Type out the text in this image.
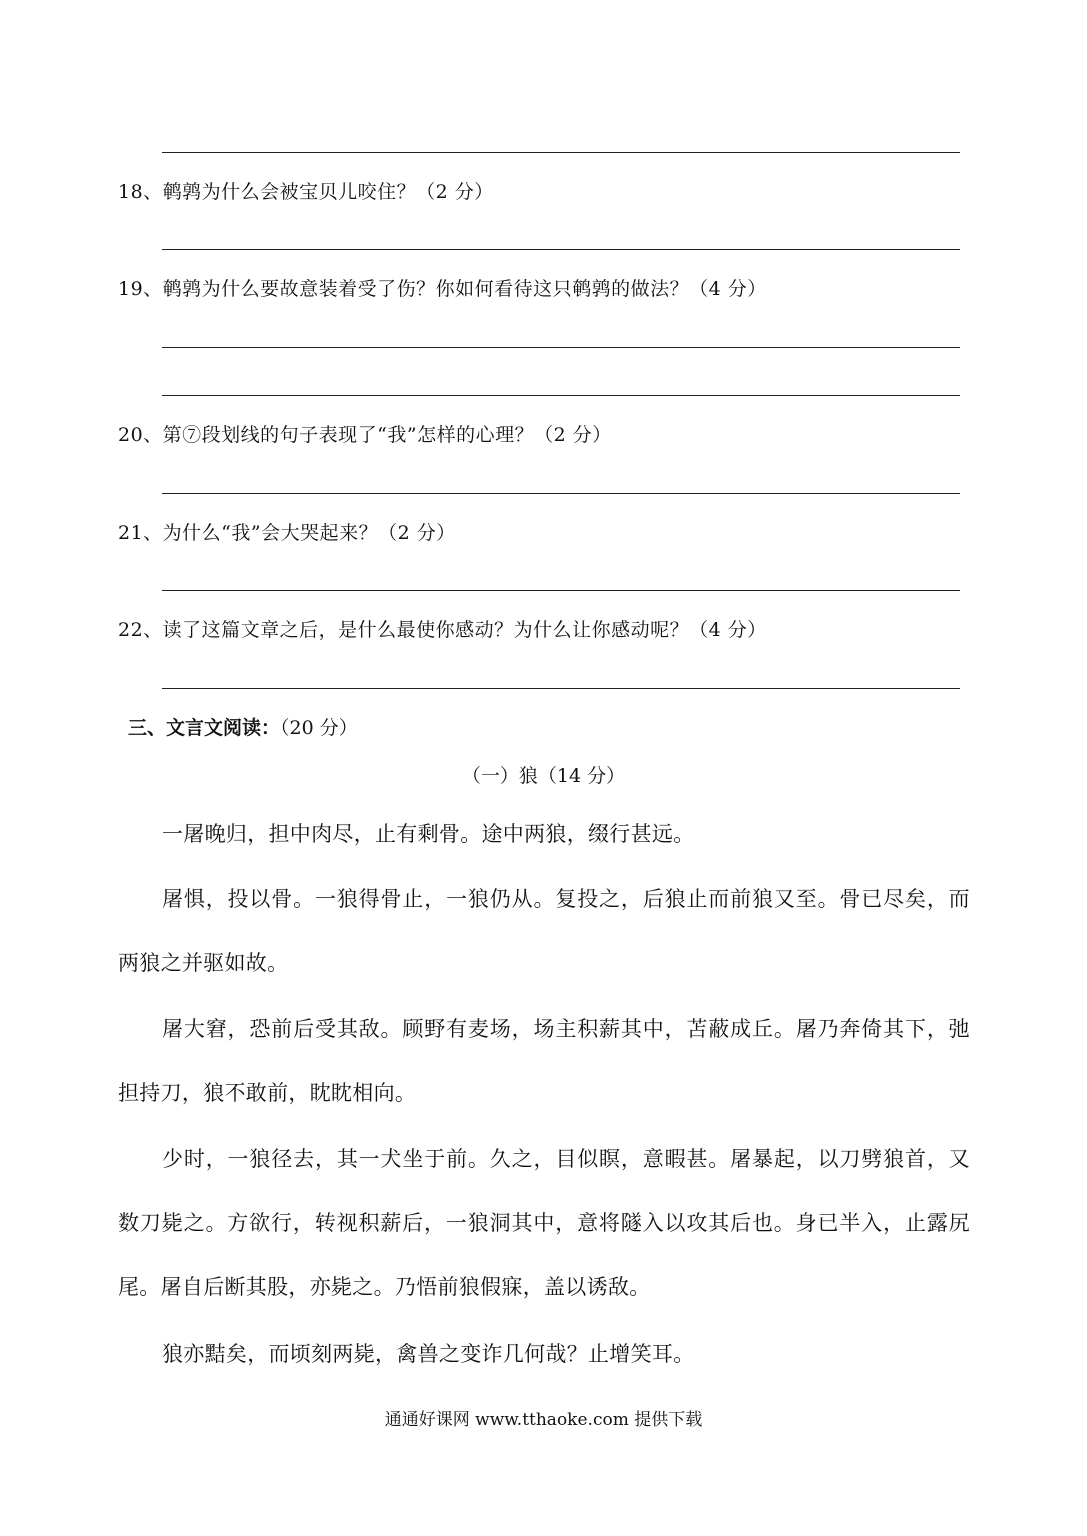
18、鹌鹑为什么会被宝贝儿咬住？（2 分）
19、鹌鹑为什么要故意装着受了伤？你如何看待这只鹌鹑的做法？（4 分）
20、第⑦段划线的句子表现了“我”怎样的心理？（2 分）
21、为什么“我”会大哭起来？（2 分）
22、读了这篇文章之后，是什么最使你感动？为什么让你感动呢？（4 分）
三、文言文阅读：（20 分）
（一）狼（14 分）
一屠晚归，担中肉尽，止有剩骨。途中两狼，缀行甚远。
屠惧，投以骨。一狼得骨止，一狼仍从。复投之，后狼止而前狼又至。骨已尽矣，而两狼之并驱如故。
屠大窘，恐前后受其敌。顾野有麦场，场主积薪其中，苫蔽成丘。屠乃奔倚其下，弛担持刀，狼不敢前，眈眈相向。
少时，一狼径去，其一犬坐于前。久之，目似瞑，意暇甚。屠暴起，以刀劈狼首，又数刀毙之。方欲行，转视积薪后，一狼洞其中，意将隧入以攻其后也。身已半入，止露尻尾。屠自后断其股，亦毙之。乃悟前狼假寐，盖以诱敌。
狼亦黠矣，而顷刻两毙，禽兽之变诈几何哉？止增笑耳。
通通好课网 www.tthaoke.com 提供下载
